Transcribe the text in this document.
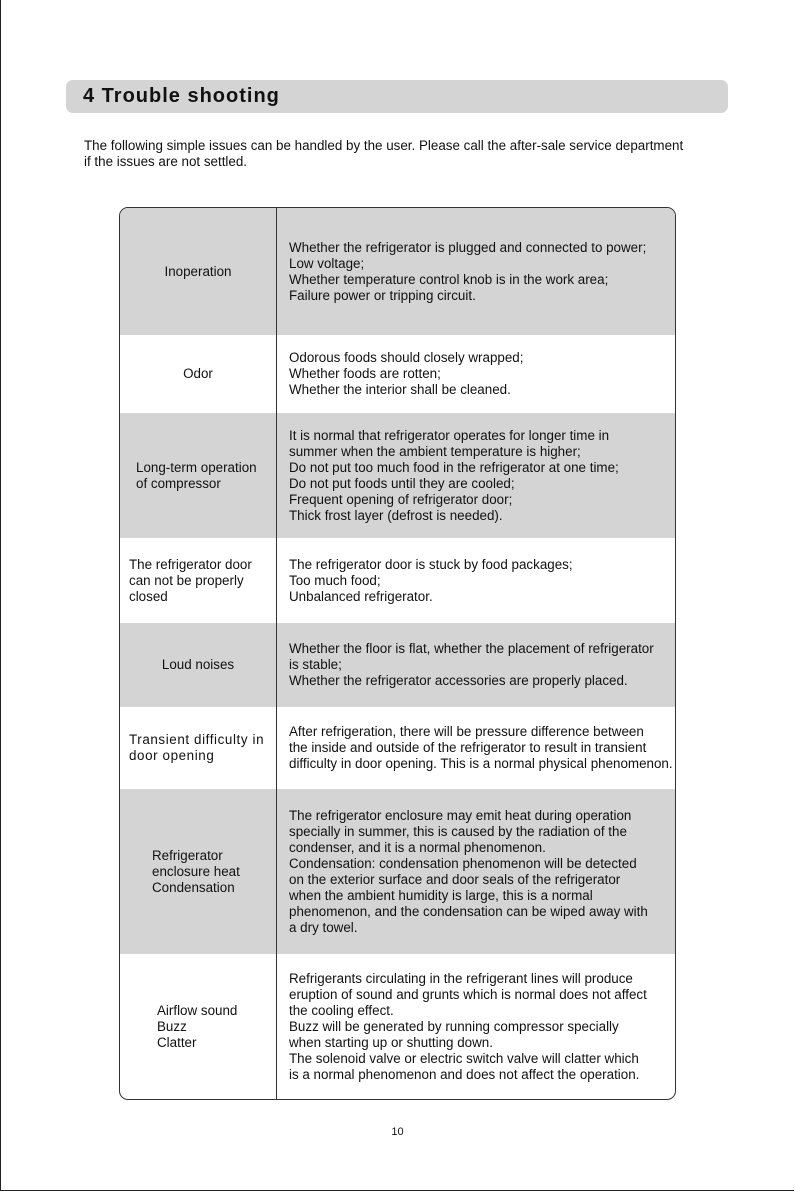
4 Trouble shooting
The following simple issues can be handled by the user. Please call the after-sale service department if the issues are not settled.
Inoperation
Whether the refrigerator is plugged and connected to power;
Low voltage;
Whether temperature control knob is in the work area;
Failure power or tripping circuit.
Odor
Odorous foods should closely wrapped;
Whether foods are rotten;
Whether the interior shall be cleaned.
Long-term operation
of compressor
It is normal that refrigerator operates for longer time in
summer when the ambient temperature is higher;
Do not put too much food in the refrigerator at one time;
Do not put foods until they are cooled;
Frequent opening of refrigerator door;
Thick frost layer (defrost is needed).
The refrigerator door
can not be properly
closed
The refrigerator door is stuck by food packages;
Too much food;
Unbalanced refrigerator.
Loud noises
Whether the floor is flat, whether the placement of refrigerator
is stable;
Whether the refrigerator accessories are properly placed.
Transient difficulty in
door opening
After refrigeration, there will be pressure difference between
the inside and outside of the refrigerator to result in transient
difficulty in door opening. This is a normal physical phenomenon.
Refrigerator
enclosure heat
Condensation
The refrigerator enclosure may emit heat during operation
specially in summer, this is caused by the radiation of the
condenser, and it is a normal phenomenon.
Condensation: condensation phenomenon will be detected
on the exterior surface and door seals of the refrigerator
when the ambient humidity is large, this is a normal
phenomenon, and the condensation can be wiped away with
a dry towel.
Airflow sound
Buzz
Clatter
Refrigerants circulating in the refrigerant lines will produce
eruption of sound and grunts which is normal does not affect
the cooling effect.
Buzz will be generated by running compressor specially
when starting up or shutting down.
The solenoid valve or electric switch valve will clatter which
is a normal phenomenon and does not affect the operation.
10
